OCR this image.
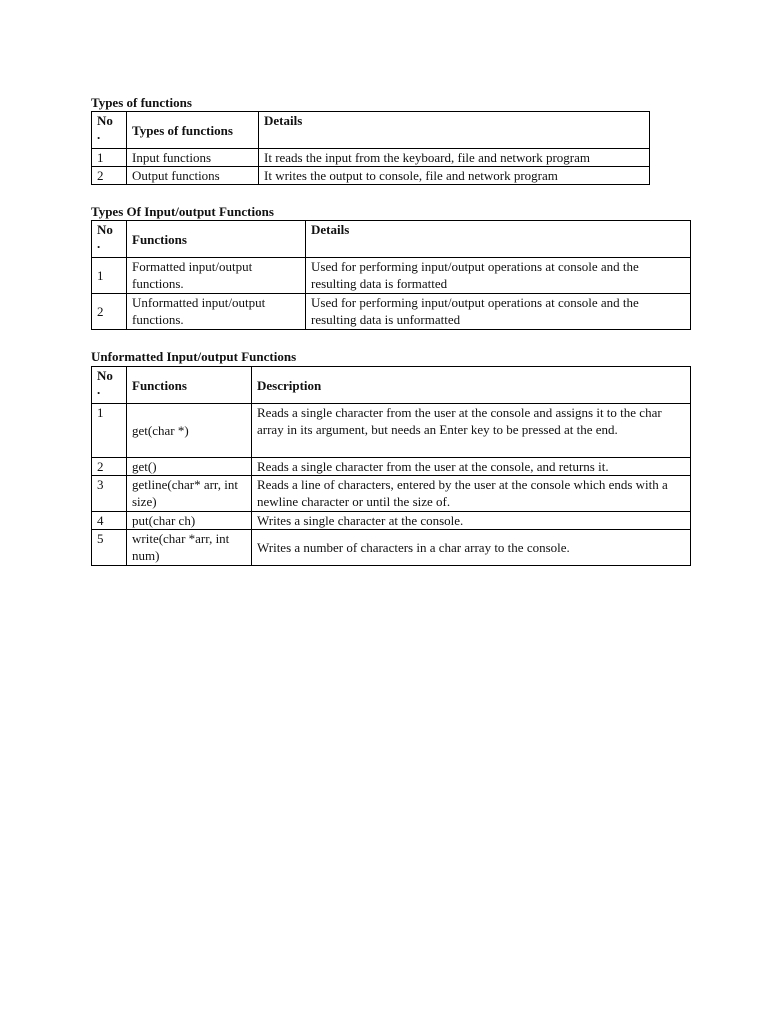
Types of functions

No
.	Types of functions	Details
1	Input functions	It reads the input from the keyboard, file and network program
2	Output functions	It writes the output to console, file and network program

Types Of Input/output Functions

No
.	Functions	Details
1	Formatted input/output functions.	Used for performing input/output operations at console and the resulting data is formatted
2	Unformatted input/output functions.	Used for performing input/output operations at console and the resulting data is unformatted

Unformatted Input/output Functions

No
.	Functions	Description
1	get(char *)	Reads a single character from the user at the console and assigns it to the char array in its argument, but needs an Enter key to be pressed at the end.
2	get()	Reads a single character from the user at the console, and returns it.
3	getline(char* arr, int size)	Reads a line of characters, entered by the user at the console which ends with a newline character or until the size of.
4	put(char ch)	Writes a single character at the console.
5	write(char *arr, int num)	Writes a number of characters in a char array to the console.
